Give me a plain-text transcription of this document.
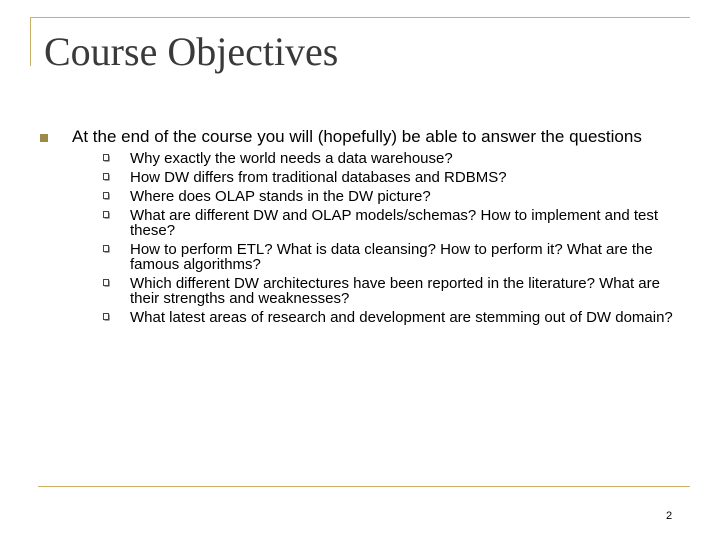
Course Objectives

At the end of the course you will (hopefully) be able to answer the questions

Why exactly the world needs a data warehouse?
How DW differs from traditional databases and RDBMS?
Where does OLAP stands in the DW picture?
What are different DW and OLAP models/schemas? How to implement and test these?
How to perform ETL? What is data cleansing? How to perform it? What are the famous algorithms?
Which different DW architectures have been reported in the literature? What are their strengths and weaknesses?
What latest areas of research and development are stemming out of DW domain?
2
